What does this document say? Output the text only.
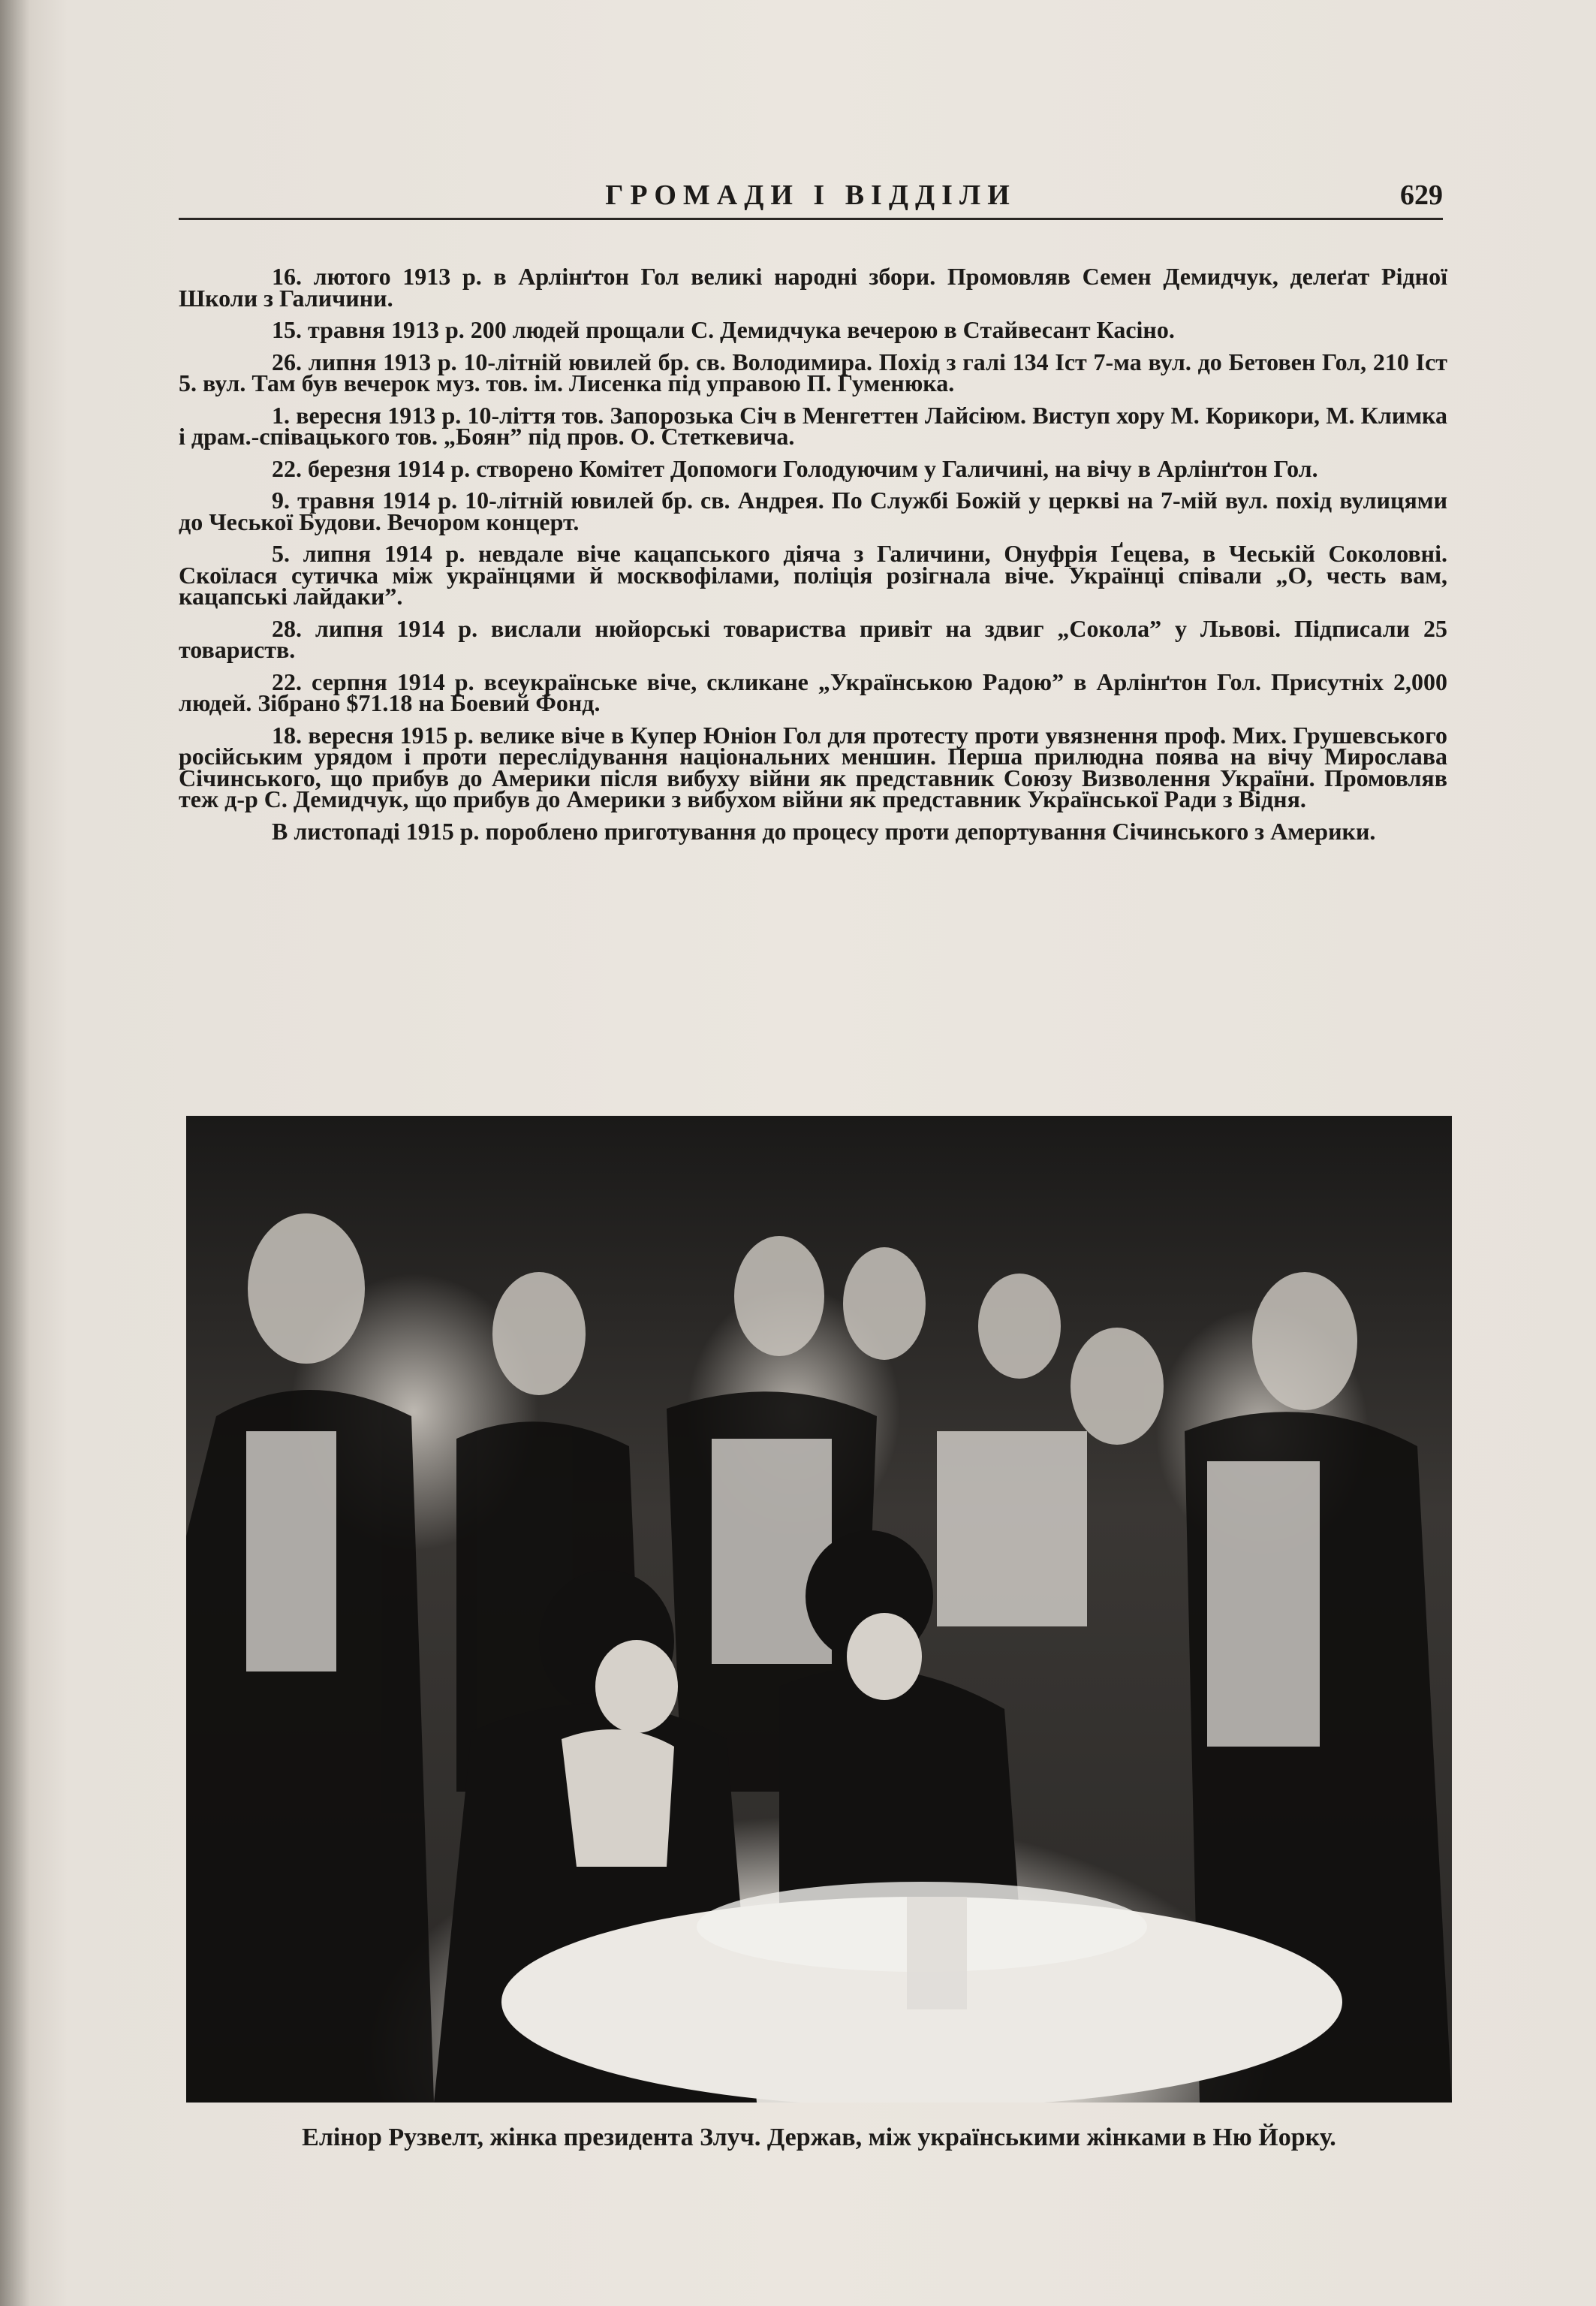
ГРОМАДИ І ВІДДІЛИ	629

16. лютого 1913 р. в Арлінґтон Гол великі народні збори. Промовляв Семен Демидчук, делеґат Рідної Школи з Галичини.

15. травня 1913 р. 200 людей прощали С. Демидчука вечерою в Стайвесант Касіно.

26. липня 1913 р. 10-літній ювилей бр. св. Володимира. Похід з галі 134 Іст 7-ма вул. до Бетовен Гол, 210 Іст 5. вул. Там був вечерок муз. тов. ім. Лисенка під управою П. Гуменюка.

1. вересня 1913 р. 10-ліття тов. Запорозька Січ в Менгеттен Лайсіюм. Виступ хору М. Корикори, М. Климка і драм.-співацького тов. „Боян” під пров. О. Стеткевича.

22. березня 1914 р. створено Комітет Допомоги Голодуючим у Галичині, на вічу в Арлінґтон Гол.

9. травня 1914 р. 10-літній ювилей бр. св. Андрея. По Службі Божій у церкві на 7-мій вул. похід вулицями до Чеської Будови. Вечором концерт.

5. липня 1914 р. невдале віче кацапського діяча з Галичини, Онуфрія Ґецева, в Чеській Соколовні. Скоїлася сутичка між українцями й москвофілами, поліція розігнала віче. Українці співали „О, честь вам, кацапські лайдаки”.

28. липня 1914 р. вислали нюйорські товариства привіт на здвиг „Сокола” у Львові. Підписали 25 товариств.

22. серпня 1914 р. всеукраїнське віче, скликане „Українською Радою” в Арлінґтон Гол. Присутніх 2,000 людей. Зібрано $71.18 на Боевий Фонд.

18. вересня 1915 р. велике віче в Купер Юніон Гол для протесту проти увязнення проф. Мих. Грушевського російським урядом і проти переслідування національних меншин. Перша прилюдна поява на вічу Мирослава Січинського, що прибув до Америки після вибуху війни як представник Союзу Визволення України. Промовляв теж д-р С. Демидчук, що прибув до Америки з вибухом війни як представник Української Ради з Відня.

В листопаді 1915 р. пороблено приготування до процесу проти депортування Січинського з Америки.

Елінор Рузвелт, жінка президента Злуч. Держав, між українськими жінками в Ню Йорку.
